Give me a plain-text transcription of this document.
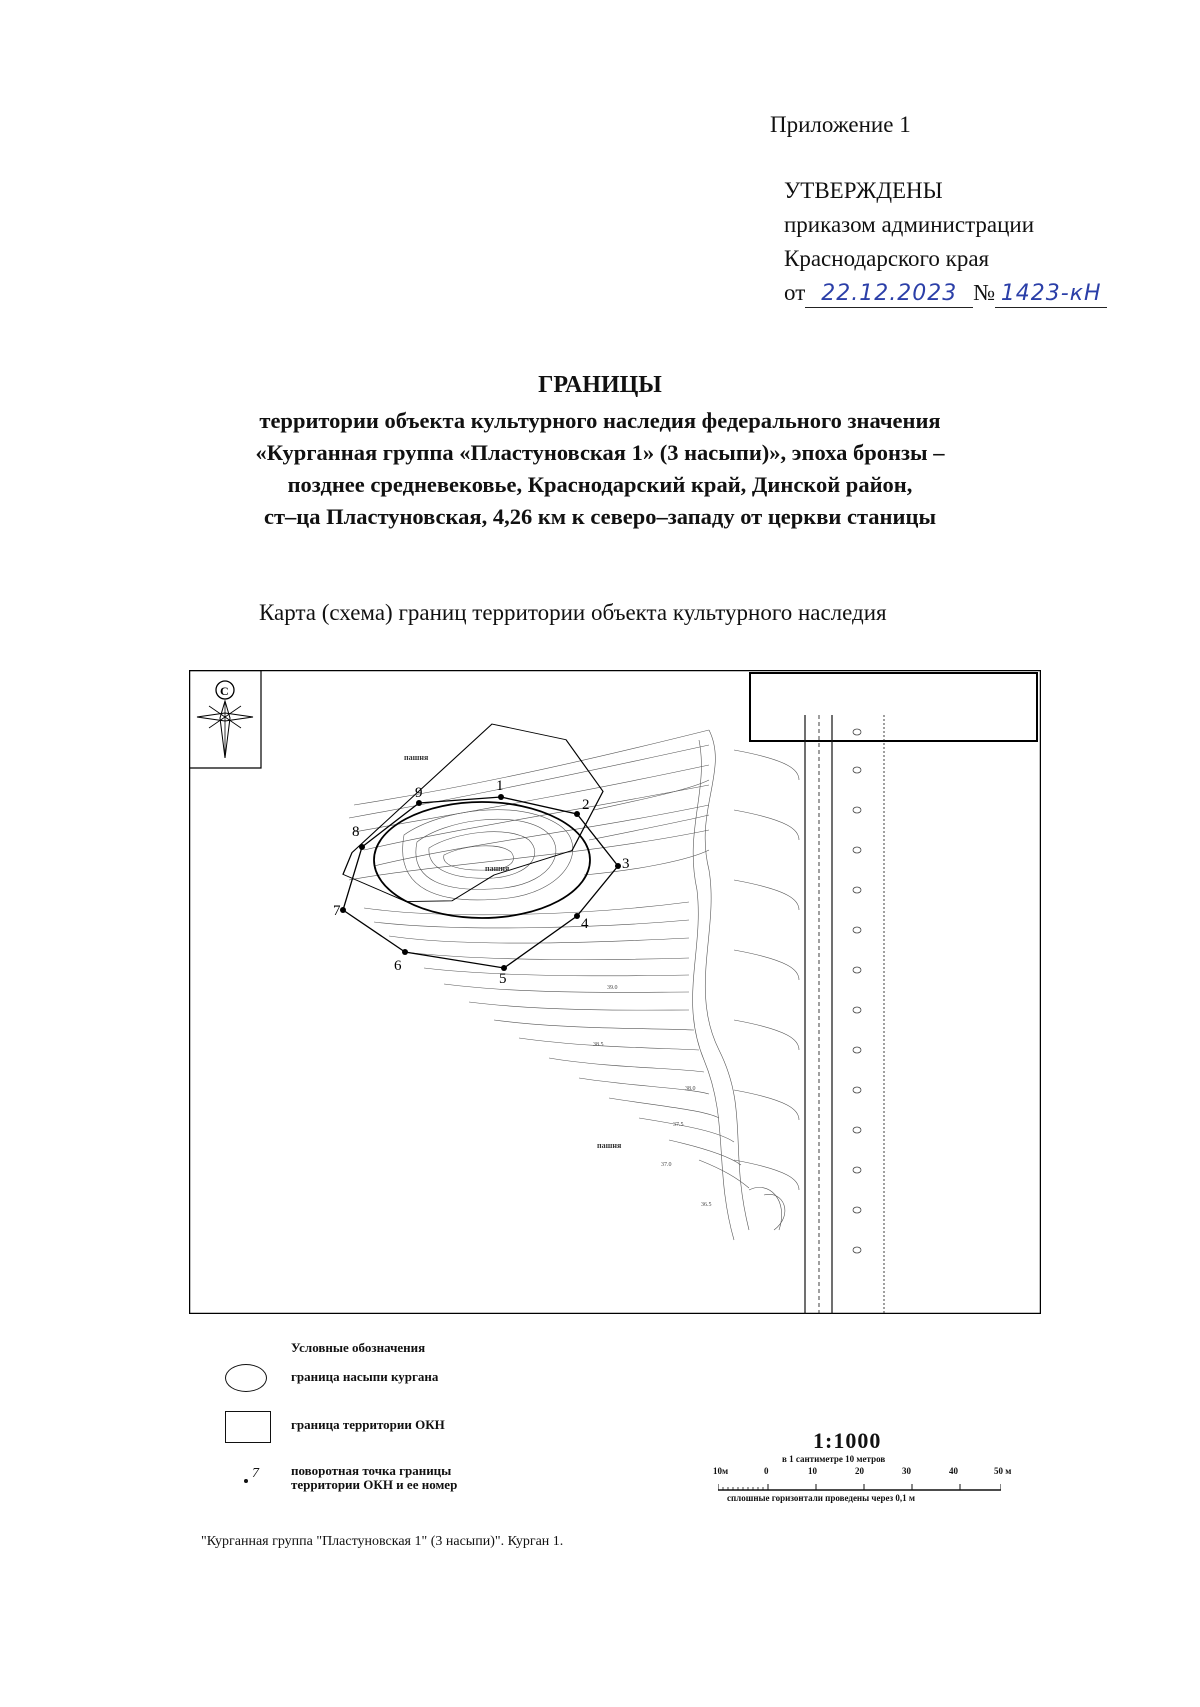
Приложение 1
УТВЕРЖДЕНЫ
приказом администрации
Краснодарского края
от 22.12.2023 № 1423-кН
ГРАНИЦЫ
территории объекта культурного наследия федерального значения
«Курганная группа «Пластуновская 1» (3 насыпи)», эпоха бронзы –
позднее средневековье, Краснодарский край, Динской район,
ст–ца Пластуновская, 4,26 км к северо–западу от церкви станицы
Карта (схема) границ территории объекта культурного наследия
С
1
2
3
4
5
6
7
8
9
пашня
пашня
пашня
38.0
37.5
37.0
36.5
38.5
39.0
Условные обозначения
граница насыпи кургана
граница территории ОКН
7 поворотная точка границы
территории ОКН и ее номер
1:1000
в 1 сантиметре 10 метров
10м	0	10	20	30	40	50 м
сплошные горизонтали проведены через 0,1 м
"Курганная группа "Пластуновская 1" (3 насыпи)". Курган 1.
